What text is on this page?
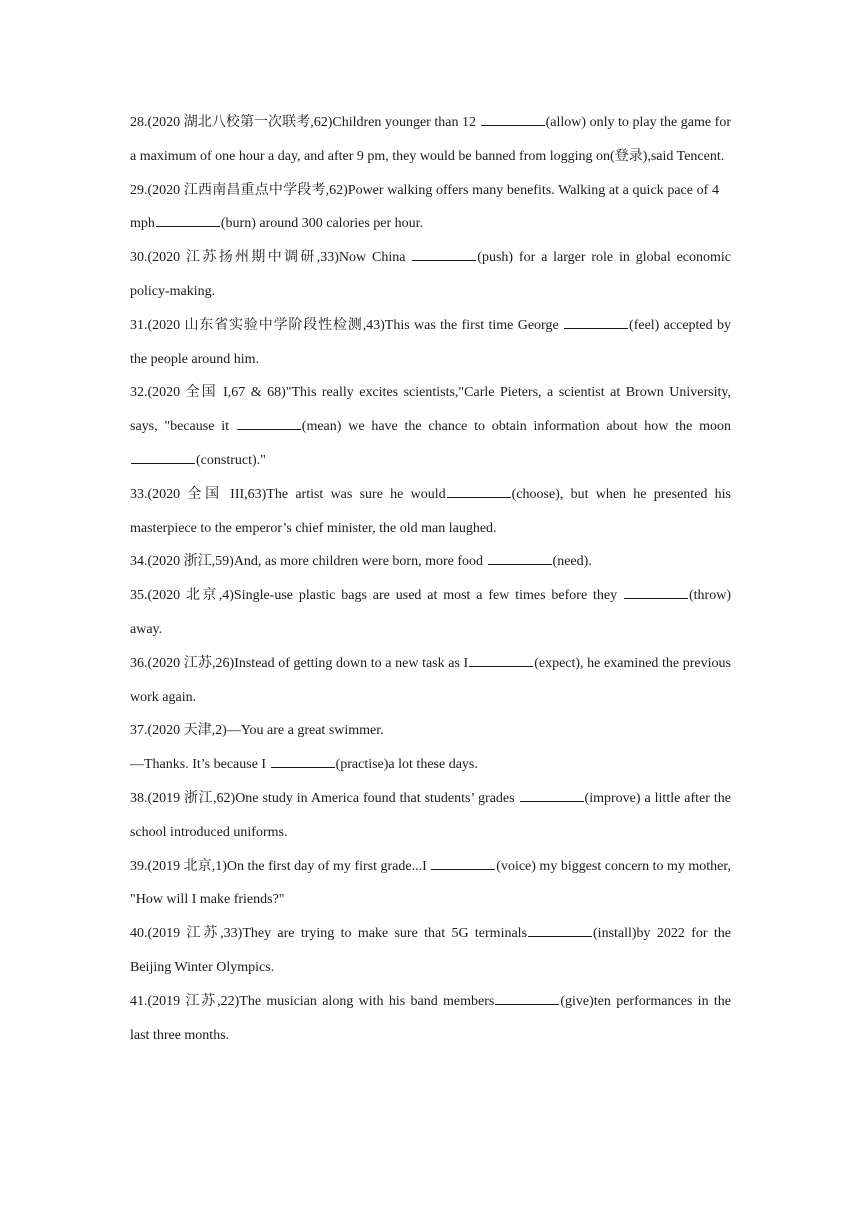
28.(2020 湖北八校第一次联考,62)Children younger than 12	(allow) only to play the game for a maximum of one hour a day, and after 9 pm, they would be banned from logging on(登录),said Tencent.

29.(2020 江西南昌重点中学段考,62)Power walking offers many benefits. Walking at a quick pace of 4mph	(burn) around 300 calories per hour.

30.(2020 江苏扬州期中调研,33)Now China	(push) for a larger role in global economic policy-making.

31.(2020 山东省实验中学阶段性检测,43)This was the first time George	(feel) accepted by the people around him.

32.(2020 全国 I,67 & 68)"This really excites scientists,"Carle Pieters, a scientist at Brown University, says, "because it	(mean) we have the chance to obtain information about how the moon (construct)."

33.(2020 全国 III,63)The artist was sure he would	(choose), but when he presented his masterpiece to the emperor’s chief minister, the old man laughed.

34.(2020 浙江,59)And, as more children were born, more food	(need).

35.(2020 北京,4)Single-use plastic bags are used at most a few times before they	(throw) away.

36.(2020 江苏,26)Instead of getting down to a new task as I	(expect), he examined the previous work again.

37.(2020 天津,2)—You are a great swimmer.

—Thanks. It’s because I	(practise)a lot these days.

38.(2019 浙江,62)One study in America found that students’ grades	(improve) a little after the school introduced uniforms.

39.(2019 北京,1)On the first day of my first grade...I	(voice) my biggest concern to my mother, "How will I make friends?"

40.(2019 江苏,33)They are trying to make sure that 5G terminals	(install)by 2022 for the Beijing Winter Olympics.

41.(2019 江苏,22)The musician along with his band members	(give)ten performances in the last three months.
